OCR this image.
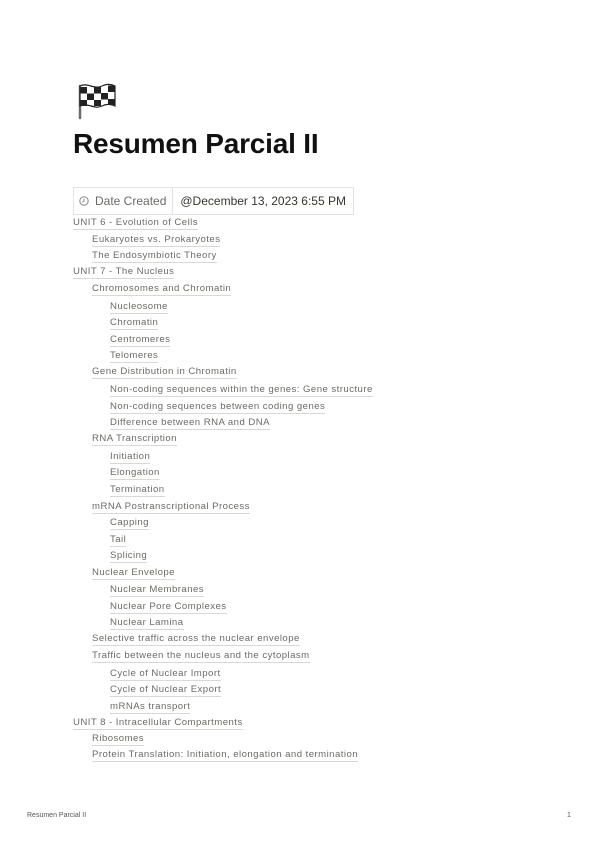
Resumen Parcial II
Date Created	@December 13, 2023 6:55 PM
UNIT 6 - Evolution of Cells
Eukaryotes vs. Prokaryotes
The Endosymbiotic Theory
UNIT 7 - The Nucleus
Chromosomes and Chromatin
Nucleosome
Chromatin
Centromeres
Telomeres
Gene Distribution in Chromatin
Non-coding sequences within the genes: Gene structure
Non-coding sequences between coding genes
Difference between RNA and DNA
RNA Transcription
Initiation
Elongation
Termination
mRNA Postranscriptional Process
Capping
Tail
Splicing
Nuclear Envelope
Nuclear Membranes
Nuclear Pore Complexes
Nuclear Lamina
Selective traffic across the nuclear envelope
Traffic between the nucleus and the cytoplasm
Cycle of Nuclear Import
Cycle of Nuclear Export
mRNAs transport
UNIT 8 - Intracellular Compartments
Ribosomes
Protein Translation: Initiation, elongation and termination
Resumen Parcial II	1
